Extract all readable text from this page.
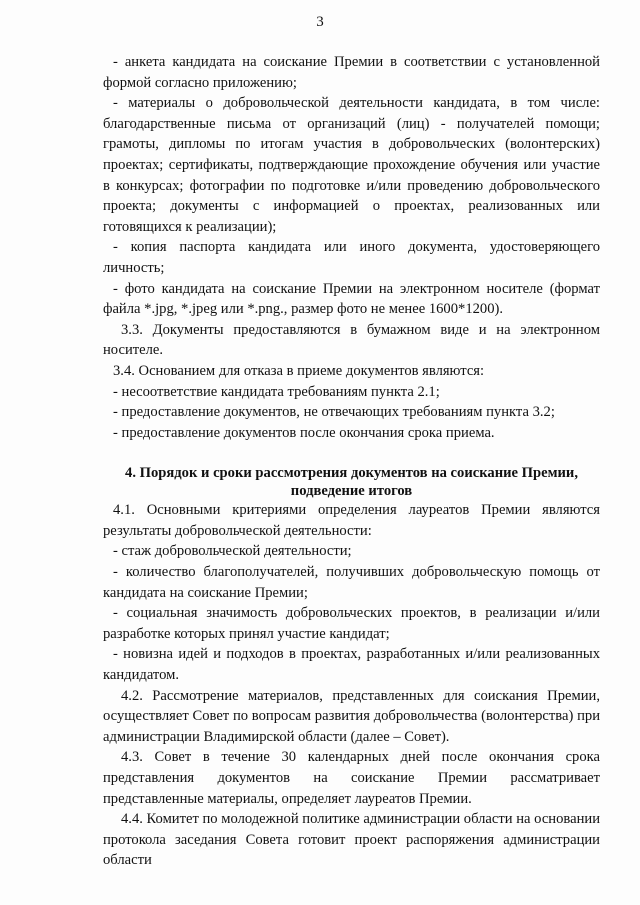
3

- анкета кандидата на соискание Премии в соответствии с установленной формой согласно приложению;

- материалы о добровольческой деятельности кандидата, в том числе: благодарственные письма от организаций (лиц) - получателей помощи; грамоты, дипломы по итогам участия в добровольческих (волонтерских) проектах; сертификаты, подтверждающие прохождение обучения или участие в конкурсах; фотографии по подготовке и/или проведению добровольческого проекта; документы с информацией о проектах, реализованных или готовящихся к реализации);

- копия паспорта кандидата или иного документа, удостоверяющего личность;

- фото кандидата на соискание Премии на электронном носителе (формат файла *.jpg, *.jpeg или *.png., размер фото не менее 1600*1200).

3.3. Документы предоставляются в бумажном виде и на электронном носителе.

3.4. Основанием для отказа в приеме документов являются:

- несоответствие кандидата требованиям пункта 2.1;

- предоставление документов, не отвечающих требованиям пункта 3.2;

- предоставление документов после окончания срока приема.

4. Порядок и сроки рассмотрения документов на соискание Премии,
подведение итогов

4.1. Основными критериями определения лауреатов Премии являются результаты добровольческой деятельности:

- стаж добровольческой деятельности;

- количество благополучателей, получивших добровольческую помощь от кандидата на соискание Премии;

- социальная значимость добровольческих проектов, в реализации и/или разработке которых принял участие кандидат;

- новизна идей и подходов в проектах, разработанных и/или реализованных кандидатом.

4.2. Рассмотрение материалов, представленных для соискания Премии, осуществляет Совет по вопросам развития добровольчества (волонтерства) при администрации Владимирской области (далее – Совет).

4.3. Совет в течение 30 календарных дней после окончания срока представления документов на соискание Премии рассматривает представленные материалы, определяет лауреатов Премии.

4.4. Комитет по молодежной политике администрации области на основании протокола заседания Совета готовит проект распоряжения администрации области
